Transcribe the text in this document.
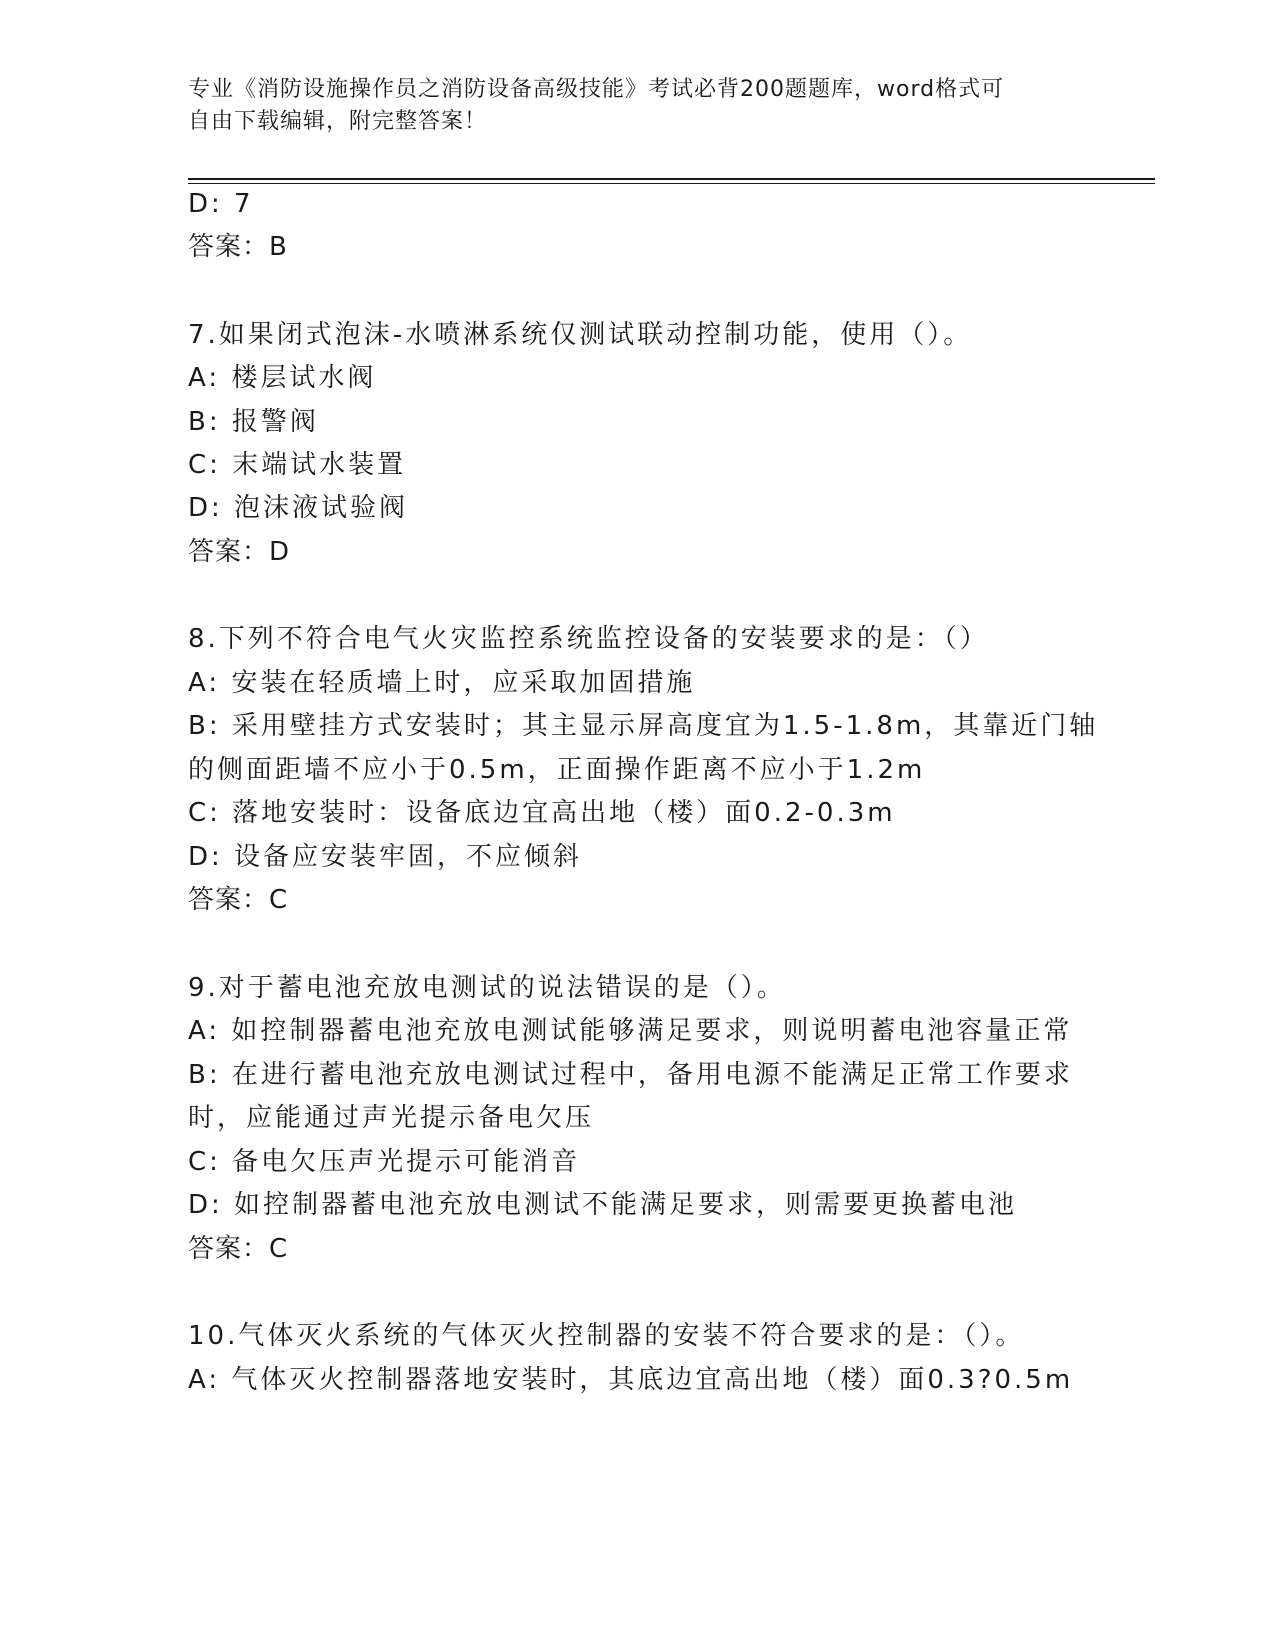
专业《消防设施操作员之消防设备高级技能》考试必背200题题库，word格式可
自由下载编辑，附完整答案！
D: 7
答案：B
7.如果闭式泡沫-水喷淋系统仅测试联动控制功能，使用（）。
A: 楼层试水阀
B: 报警阀
C: 末端试水装置
D: 泡沫液试验阀
答案：D
8.下列不符合电气火灾监控系统监控设备的安装要求的是：（）
A: 安装在轻质墙上时，应采取加固措施
B: 采用壁挂方式安装时；其主显示屏高度宜为1.5-1.8m，其靠近门轴
的侧面距墙不应小于0.5m，正面操作距离不应小于1.2m
C: 落地安装时：设备底边宜高出地（楼）面0.2-0.3m
D: 设备应安装牢固，不应倾斜
答案：C
9.对于蓄电池充放电测试的说法错误的是（）。
A: 如控制器蓄电池充放电测试能够满足要求，则说明蓄电池容量正常
B: 在进行蓄电池充放电测试过程中，备用电源不能满足正常工作要求
时，应能通过声光提示备电欠压
C: 备电欠压声光提示可能消音
D: 如控制器蓄电池充放电测试不能满足要求，则需要更换蓄电池
答案：C
10.气体灭火系统的气体灭火控制器的安装不符合要求的是：（）。
A: 气体灭火控制器落地安装时，其底边宜高出地（楼）面0.3?0.5m
